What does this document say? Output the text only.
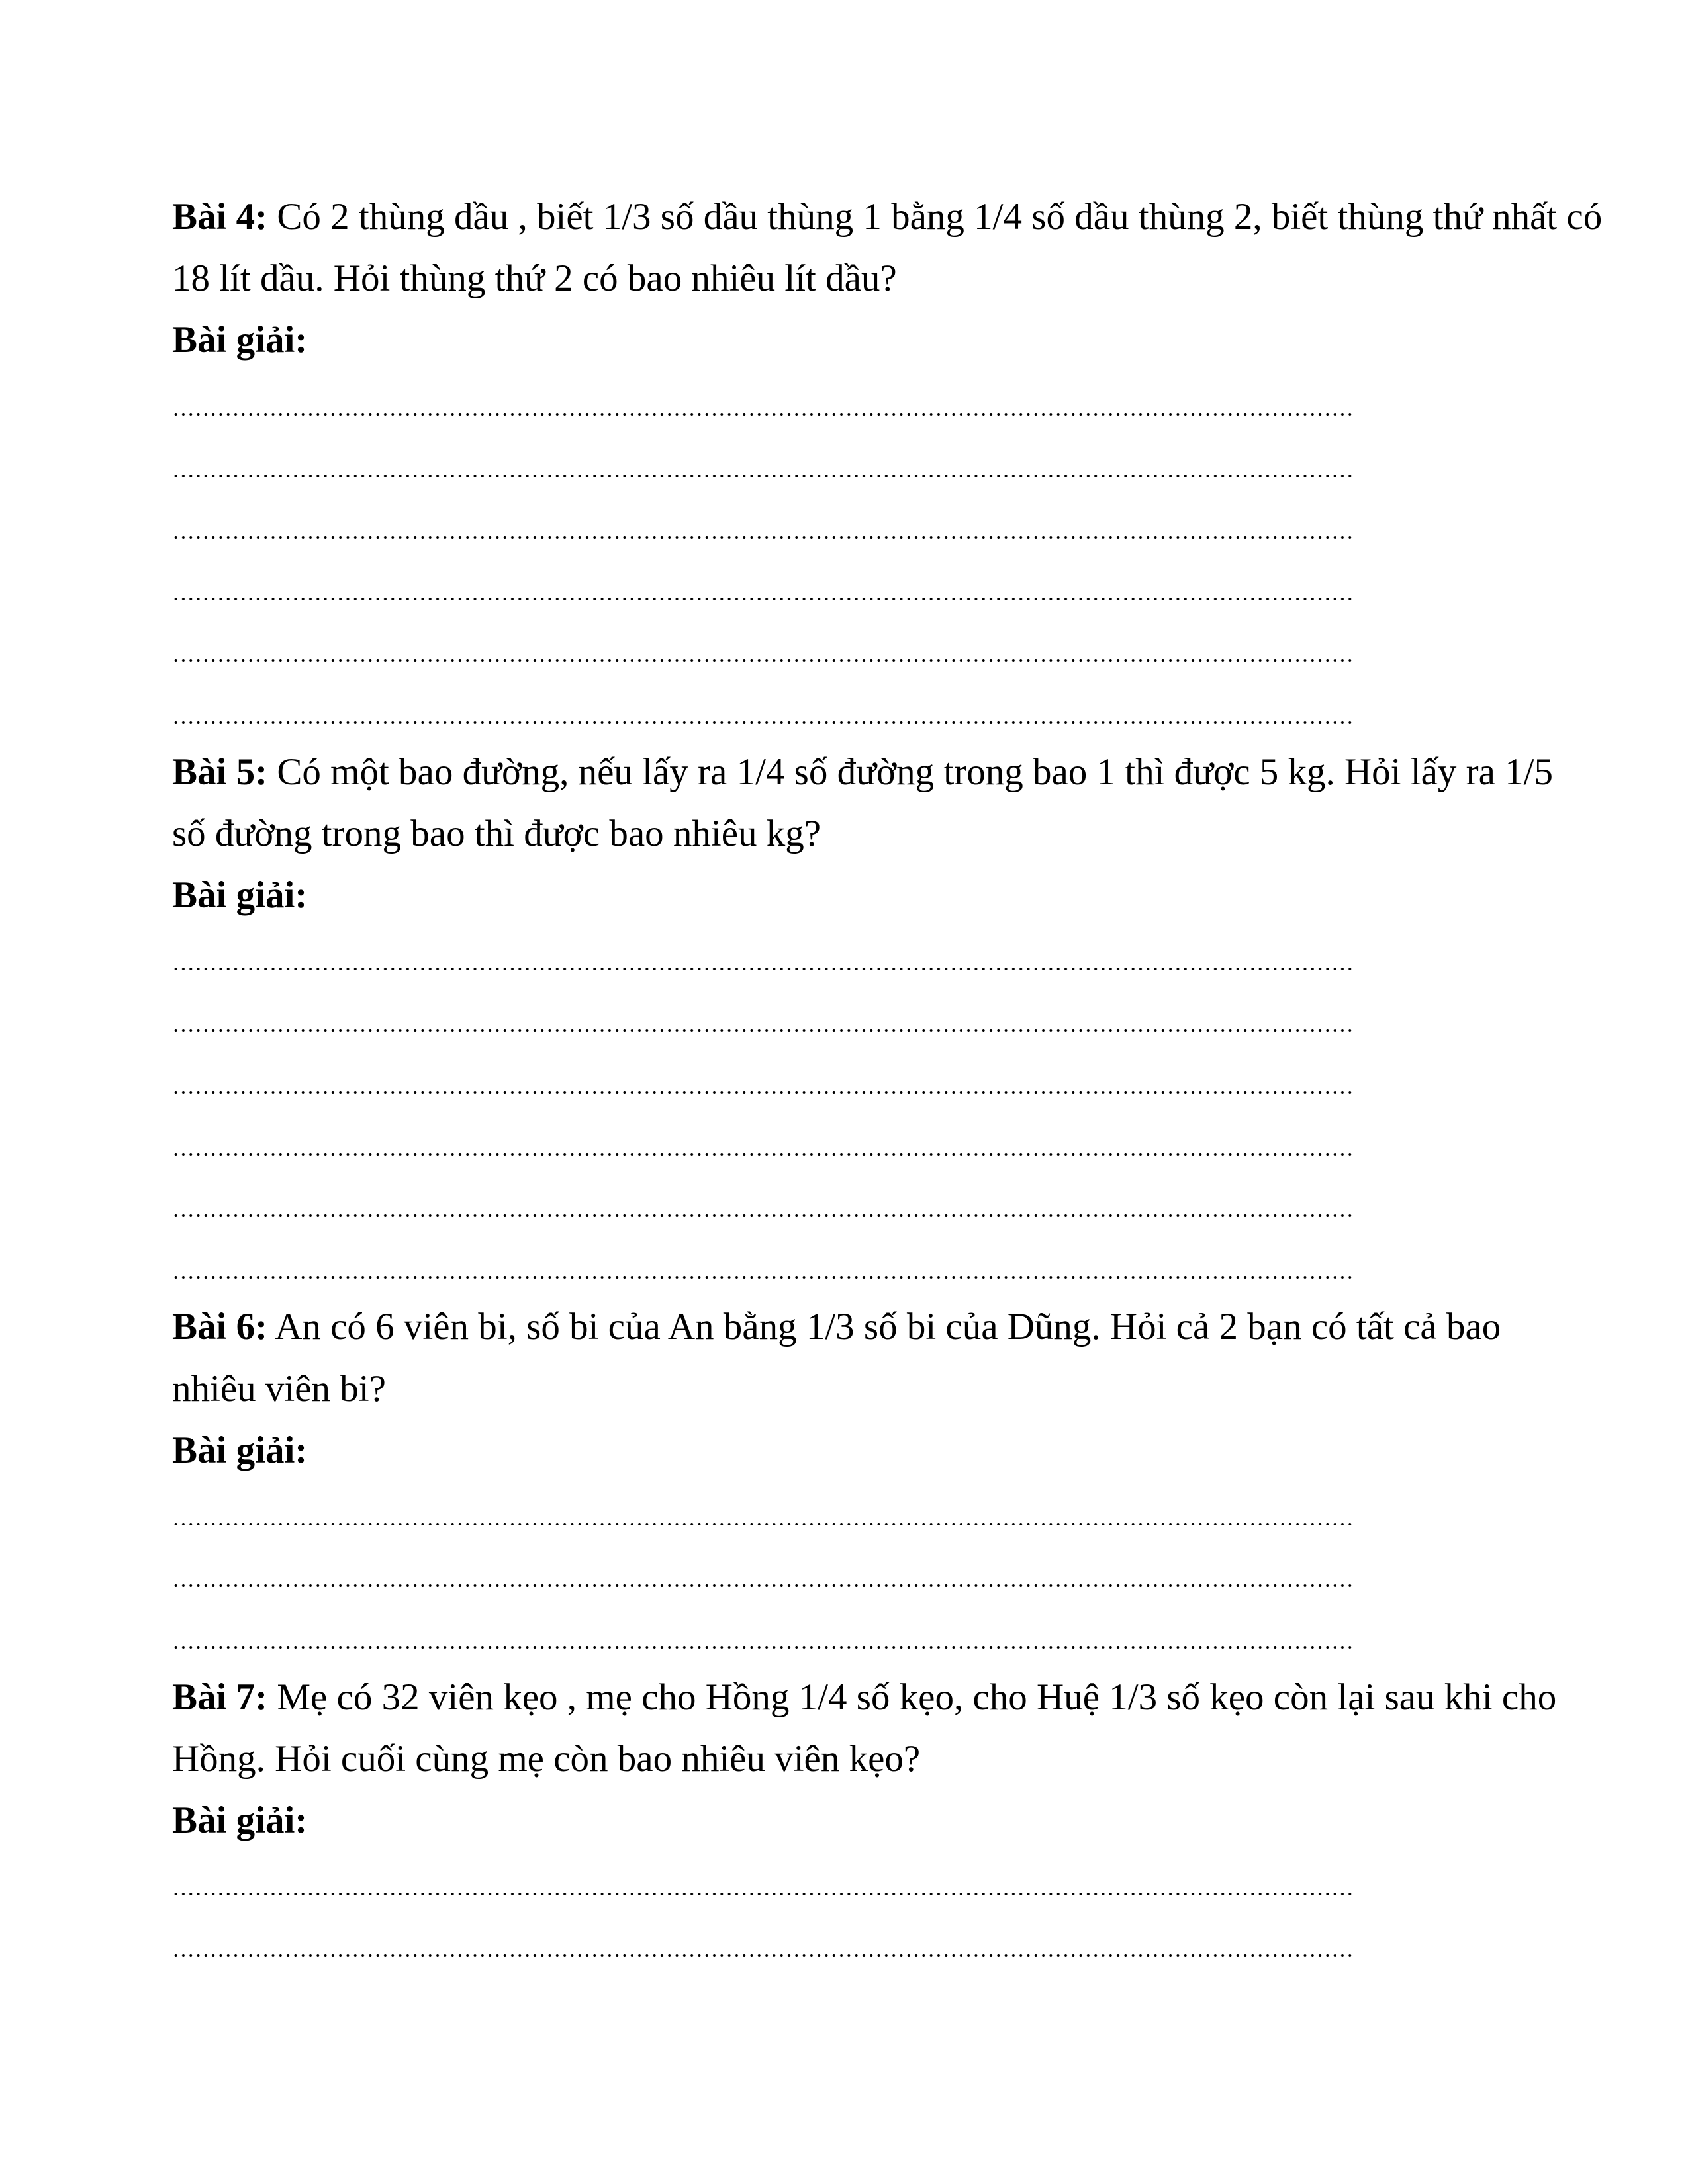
Bài 4: Có 2 thùng dầu , biết 1/3 số dầu thùng 1 bằng 1/4 số dầu thùng 2, biết thùng thứ nhất có
18 lít dầu. Hỏi thùng thứ 2 có bao nhiêu lít dầu?
Bài giải:
Bài 5: Có một bao đường, nếu lấy ra 1/4 số đường trong bao 1 thì được 5 kg. Hỏi lấy ra 1/5
số đường trong bao thì được bao nhiêu kg?
Bài giải:
Bài 6: An có 6 viên bi, số bi của An bằng 1/3 số bi của Dũng. Hỏi cả 2 bạn có tất cả bao
nhiêu viên bi?
Bài giải:
Bài 7: Mẹ có 32 viên kẹo , mẹ cho Hồng 1/4 số kẹo, cho Huệ 1/3 số kẹo còn lại sau khi cho
Hồng. Hỏi cuối cùng mẹ còn bao nhiêu viên kẹo?
Bài giải:
